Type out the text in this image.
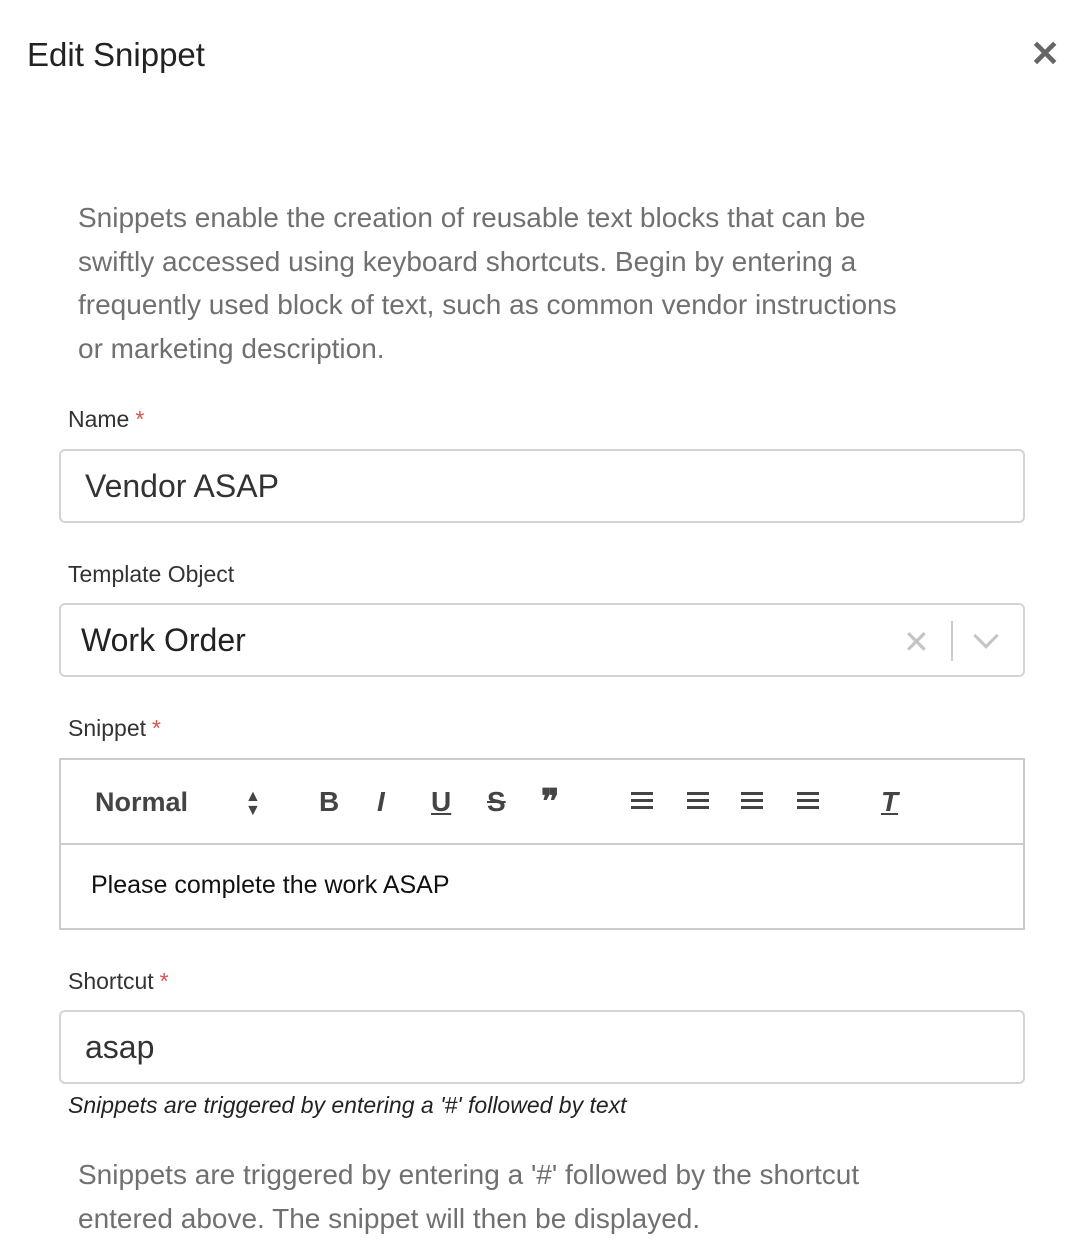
Edit Snippet	✕
Snippets enable the creation of reusable text blocks that can be
swiftly accessed using keyboard shortcuts. Begin by entering a
frequently used block of text, such as common vendor instructions
or marketing description.
Name *
Vendor ASAP
Template Object
Work Order	✕
Snippet *
Normal	▲
▼ B I U S ❞	T
Please complete the work ASAP
Shortcut *
asap
Snippets are triggered by entering a '#' followed by text
Snippets are triggered by entering a '#' followed by the shortcut
entered above. The snippet will then be displayed.
